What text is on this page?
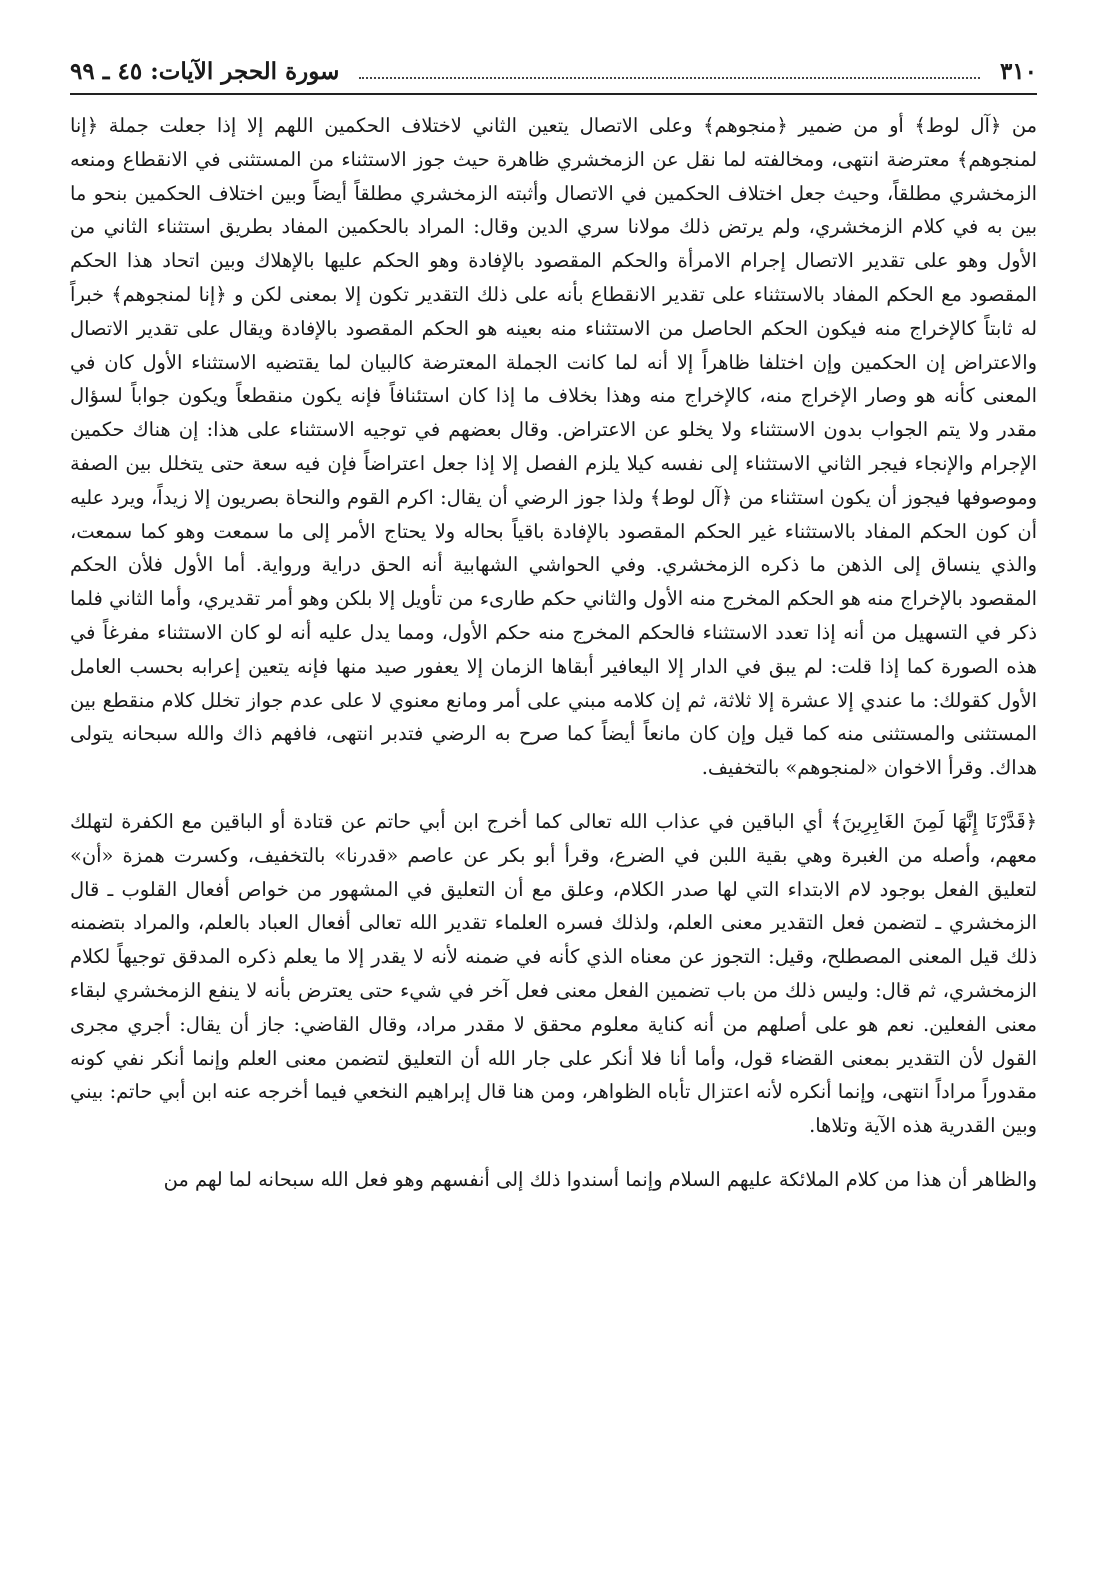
٣١٠
سورة الحجر الآيات: ٤٥ ـ ٩٩

من ﴿آل لوط﴾ أو من ضمير ﴿منجوهم﴾ وعلى الاتصال يتعين الثاني لاختلاف الحكمين اللهم إلا إذا جعلت جملة ﴿إنا لمنجوهم﴾ معترضة انتهى، ومخالفته لما نقل عن الزمخشري ظاهرة حيث جوز الاستثناء من المستثنى في الانقطاع ومنعه الزمخشري مطلقاً، وحيث جعل اختلاف الحكمين في الاتصال وأثبته الزمخشري مطلقاً أيضاً وبين اختلاف الحكمين بنحو ما بين به في كلام الزمخشري، ولم يرتض ذلك مولانا سري الدين وقال: المراد بالحكمين المفاد بطريق استثناء الثاني من الأول وهو على تقدير الاتصال إجرام الامرأة والحكم المقصود بالإفادة وهو الحكم عليها بالإهلاك وبين اتحاد هذا الحكم المقصود مع الحكم المفاد بالاستثناء على تقدير الانقطاع بأنه على ذلك التقدير تكون إلا بمعنى لكن و ﴿إنا لمنجوهم﴾ خبراً له ثابتاً كالإخراج منه فيكون الحكم الحاصل من الاستثناء منه بعينه هو الحكم المقصود بالإفادة ويقال على تقدير الاتصال والاعتراض إن الحكمين وإن اختلفا ظاهراً إلا أنه لما كانت الجملة المعترضة كالبيان لما يقتضيه الاستثناء الأول كان في المعنى كأنه هو وصار الإخراج منه، كالإخراج منه وهذا بخلاف ما إذا كان استئنافاً فإنه يكون منقطعاً ويكون جواباً لسؤال مقدر ولا يتم الجواب بدون الاستثناء ولا يخلو عن الاعتراض. وقال بعضهم في توجيه الاستثناء على هذا: إن هناك حكمين الإجرام والإنجاء فيجر الثاني الاستثناء إلى نفسه كيلا يلزم الفصل إلا إذا جعل اعتراضاً فإن فيه سعة حتى يتخلل بين الصفة وموصوفها فيجوز أن يكون استثناء من ﴿آل لوط﴾ ولذا جوز الرضي أن يقال: اكرم القوم والنحاة بصريون إلا زيداً، ويرد عليه أن كون الحكم المفاد بالاستثناء غير الحكم المقصود بالإفادة باقياً بحاله ولا يحتاج الأمر إلى ما سمعت وهو كما سمعت، والذي ينساق إلى الذهن ما ذكره الزمخشري. وفي الحواشي الشهابية أنه الحق دراية ورواية. أما الأول فلأن الحكم المقصود بالإخراج منه هو الحكم المخرج منه الأول والثاني حكم طارىء من تأويل إلا بلكن وهو أمر تقديري، وأما الثاني فلما ذكر في التسهيل من أنه إذا تعدد الاستثناء فالحكم المخرج منه حكم الأول، ومما يدل عليه أنه لو كان الاستثناء مفرغاً في هذه الصورة كما إذا قلت: لم يبق في الدار إلا اليعافير أبقاها الزمان إلا يعفور صيد منها فإنه يتعين إعرابه بحسب العامل الأول كقولك: ما عندي إلا عشرة إلا ثلاثة، ثم إن كلامه مبني على أمر ومانع معنوي لا على عدم جواز تخلل كلام منقطع بين المستثنى والمستثنى منه كما قيل وإن كان مانعاً أيضاً كما صرح به الرضي فتدبر انتهى، فافهم ذاك والله سبحانه يتولى هداك. وقرأ الاخوان «لمنجوهم» بالتخفيف.

﴿قَدَّرْنَا إِنَّهَا لَمِنَ الغَابِرِينَ﴾ أي الباقين في عذاب الله تعالى كما أخرج ابن أبي حاتم عن قتادة أو الباقين مع الكفرة لتهلك معهم، وأصله من الغبرة وهي بقية اللبن في الضرع، وقرأ أبو بكر عن عاصم «قدرنا» بالتخفيف، وكسرت همزة «أن» لتعليق الفعل بوجود لام الابتداء التي لها صدر الكلام، وعلق مع أن التعليق في المشهور من خواص أفعال القلوب ـ قال الزمخشري ـ لتضمن فعل التقدير معنى العلم، ولذلك فسره العلماء تقدير الله تعالى أفعال العباد بالعلم، والمراد بتضمنه ذلك قيل المعنى المصطلح، وقيل: التجوز عن معناه الذي كأنه في ضمنه لأنه لا يقدر إلا ما يعلم ذكره المدقق توجيهاً لكلام الزمخشري، ثم قال: وليس ذلك من باب تضمين الفعل معنى فعل آخر في شيء حتى يعترض بأنه لا ينفع الزمخشري لبقاء معنى الفعلين. نعم هو على أصلهم من أنه كناية معلوم محقق لا مقدر مراد، وقال القاضي: جاز أن يقال: أجري مجرى القول لأن التقدير بمعنى القضاء قول، وأما أنا فلا أنكر على جار الله أن التعليق لتضمن معنى العلم وإنما أنكر نفي كونه مقدوراً مراداً انتهى، وإنما أنكره لأنه اعتزال تأباه الظواهر، ومن هنا قال إبراهيم النخعي فيما أخرجه عنه ابن أبي حاتم: بيني وبين القدرية هذه الآية وتلاها.

والظاهر أن هذا من كلام الملائكة عليهم السلام وإنما أسندوا ذلك إلى أنفسهم وهو فعل الله سبحانه لما لهم من
